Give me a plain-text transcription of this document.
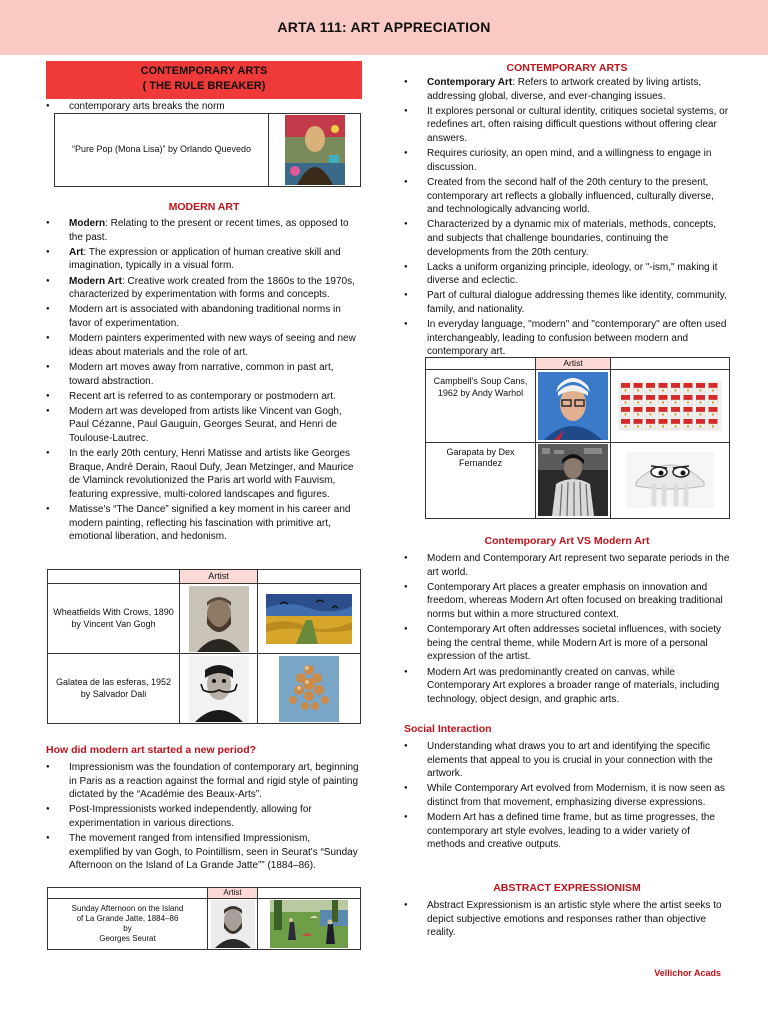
ARTA 111: ART APPRECIATION
CONTEMPORARY ARTS
( THE RULE BREAKER)
● contemporary arts breaks the norm
“Pure Pop (Mona Lisa)” by Orlando Quevedo	
MODERN ART
● Modern: Relating to the present or recent times, as opposed to the past.
● Art: The expression or application of human creative skill and imagination, typically in a visual form.
● Modern Art: Creative work created from the 1860s to the 1970s, characterized by experimentation with forms and concepts.
● Modern art is associated with abandoning traditional norms in favor of experimentation.
● Modern painters experimented with new ways of seeing and new ideas about materials and the role of art.
● Modern art moves away from narrative, common in past art, toward abstraction.
● Recent art is referred to as contemporary or postmodern art.
● Modern art was developed from artists like Vincent van Gogh, Paul Cézanne, Paul Gauguin, Georges Seurat, and Henri de Toulouse-Lautrec.
● In the early 20th century, Henri Matisse and artists like Georges Braque, André Derain, Raoul Dufy, Jean Metzinger, and Maurice de Vlaminck revolutionized the Paris art world with Fauvism, featuring expressive, multi-colored landscapes and figures.
● Matisse's “The Dance” signified a key moment in his career and modern painting, reflecting his fascination with primitive art, emotional liberation, and hedonism.
	Artist	
Wheatfields With Crows, 1890 by Vincent Van Gogh	

Galatea de las esferas, 1952 by Salvador Dali	

How did modern art started a new period?
● Impressionism was the foundation of contemporary art, beginning in Paris as a reaction against the formal and rigid style of painting dictated by the “Académie des Beaux-Arts”.
● Post-Impressionists worked independently, allowing for experimentation in various directions.
● The movement ranged from intensified Impressionism, exemplified by van Gogh, to Pointillism, seen in Seurat's “Sunday Afternoon on the Island of La Grande Jatte”” (1884–86).
	Artist	

Sunday Afternoon on the Island
of La Grande Jatte, 1884–86
by
Georges Seurat

CONTEMPORARY ARTS
● Contemporary Art: Refers to artwork created by living artists, addressing global, diverse, and ever-changing issues.
● It explores personal or cultural identity, critiques societal systems, or redefines art, often raising difficult questions without offering clear answers.
● Requires curiosity, an open mind, and a willingness to engage in discussion.
● Created from the second half of the 20th century to the present, contemporary art reflects a globally influenced, culturally diverse, and technologically advancing world.
● Characterized by a dynamic mix of materials, methods, concepts, and subjects that challenge boundaries, continuing the developments from the 20th century.
● Lacks a uniform organizing principle, ideology, or "-ism," making it diverse and eclectic.
● Part of cultural dialogue addressing themes like identity, community, family, and nationality.
● In everyday language, "modern" and "contemporary" are often used interchangeably, leading to confusion between modern and contemporary art.
	Artist	
Campbell's Soup Cans, 1962 by Andy Warhol	

Garapata by Dex Fernandez	

Contemporary Art VS Modern Art
● Modern and Contemporary Art represent two separate periods in the art world.
● Contemporary Art places a greater emphasis on innovation and freedom, whereas Modern Art often focused on breaking traditional norms but within a more structured context.
● Contemporary Art often addresses societal influences, with society being the central theme, while Modern Art is more of a personal expression of the artist.
● Modern Art was predominantly created on canvas, while Contemporary Art explores a broader range of materials, including technology, object design, and graphic arts.
Social Interaction
● Understanding what draws you to art and identifying the specific elements that appeal to you is crucial in your connection with the artwork.
● While Contemporary Art evolved from Modernism, it is now seen as distinct from that movement, emphasizing diverse expressions.
● Modern Art has a defined time frame, but as time progresses, the contemporary art style evolves, leading to a wider variety of methods and creative outputs.
ABSTRACT EXPRESSIONISM
● Abstract Expressionism is an artistic style where the artist seeks to depict subjective emotions and responses rather than objective reality.
Vellichor Acads
